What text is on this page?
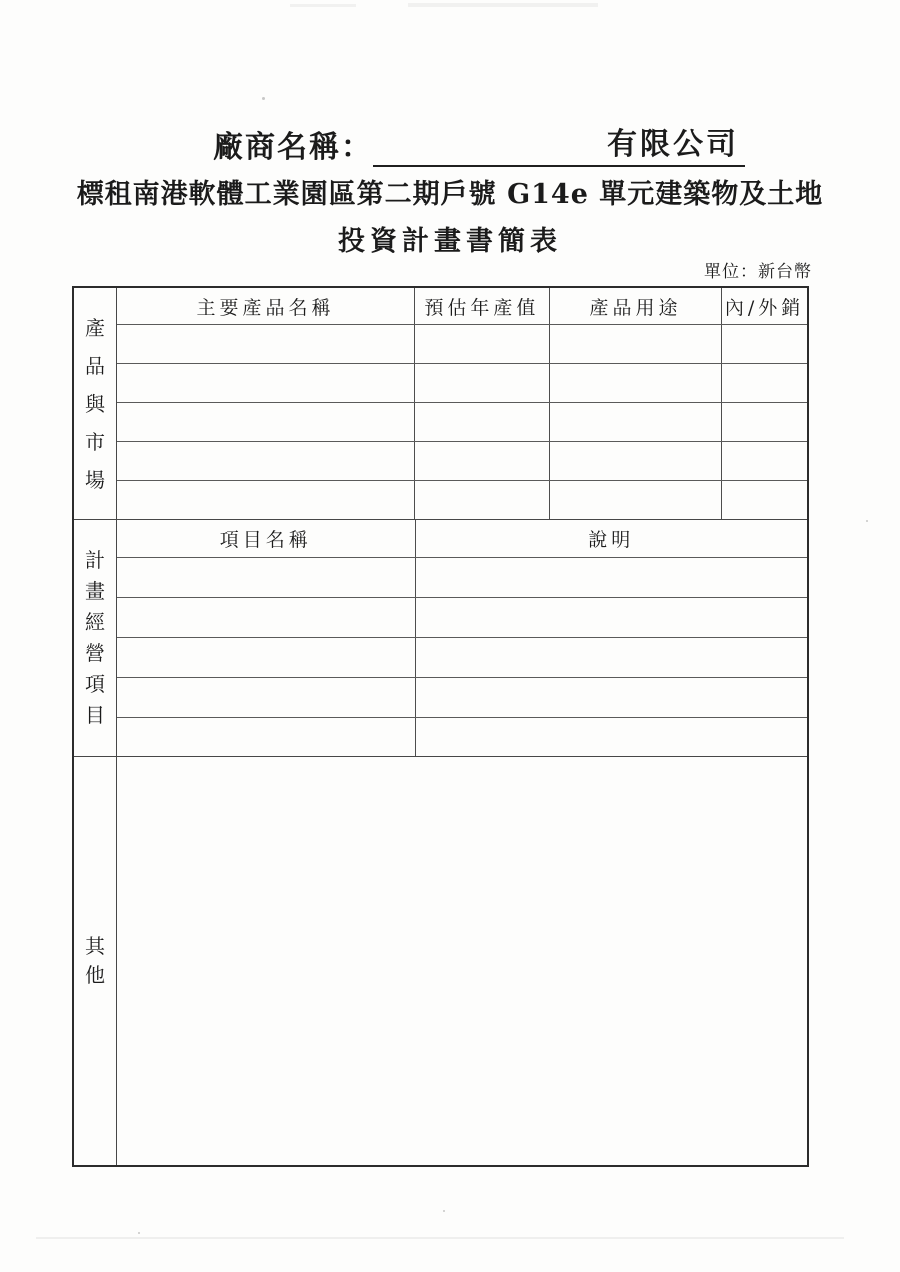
廠商名稱：	有限公司
標租南港軟體工業園區第二期戶號 G14e 單元建築物及土地
投資計畫書簡表
單位：新台幣
產品與市場
主要產品名稱	預估年產值	產品用途	內/外銷
計畫經營項目
項目名稱	說明
其他
